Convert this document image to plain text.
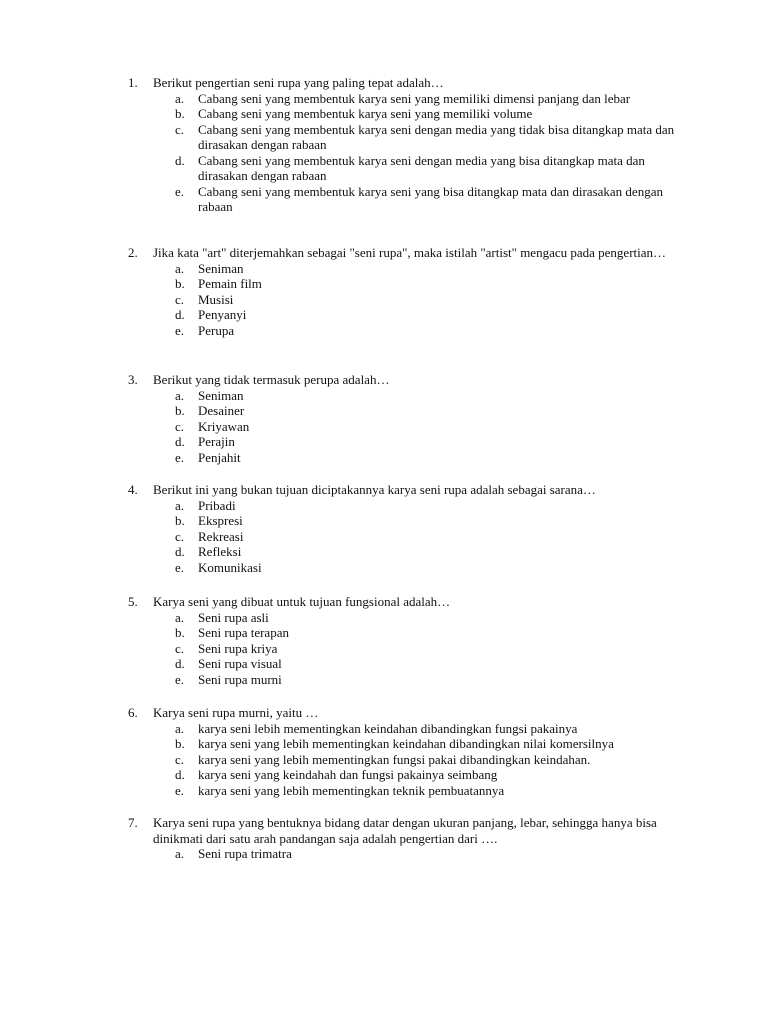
1. Berikut pengertian seni rupa yang paling tepat adalah…
a. Cabang seni yang membentuk karya seni yang memiliki dimensi panjang dan lebar
b. Cabang seni yang membentuk karya seni yang memiliki volume
c. Cabang seni yang membentuk karya seni dengan media yang tidak bisa ditangkap mata dan dirasakan dengan rabaan
d. Cabang seni yang membentuk karya seni dengan media yang bisa ditangkap mata dan dirasakan dengan rabaan
e. Cabang seni yang membentuk karya seni yang bisa ditangkap mata dan dirasakan dengan rabaan
2. Jika kata "art" diterjemahkan sebagai "seni rupa", maka istilah "artist" mengacu pada pengertian…
a. Seniman
b. Pemain film
c. Musisi
d. Penyanyi
e. Perupa
3. Berikut yang tidak termasuk perupa adalah…
a. Seniman
b. Desainer
c. Kriyawan
d. Perajin
e. Penjahit
4. Berikut ini yang bukan tujuan diciptakannya karya seni rupa adalah sebagai sarana…
a. Pribadi
b. Ekspresi
c. Rekreasi
d. Refleksi
e. Komunikasi
5. Karya seni yang dibuat untuk tujuan fungsional adalah…
a. Seni rupa asli
b. Seni rupa terapan
c. Seni rupa kriya
d. Seni rupa visual
e. Seni rupa murni
6. Karya seni rupa murni, yaitu …
a. karya seni lebih mementingkan keindahan dibandingkan fungsi pakainya
b. karya seni yang lebih mementingkan keindahan dibandingkan nilai komersilnya
c. karya seni yang lebih mementingkan fungsi pakai dibandingkan keindahan.
d. karya seni yang keindahah dan fungsi pakainya seimbang
e. karya seni yang lebih mementingkan teknik pembuatannya
7. Karya seni rupa yang bentuknya bidang datar dengan ukuran panjang, lebar, sehingga hanya bisa dinikmati dari satu arah pandangan saja adalah pengertian dari ….
a. Seni rupa trimatra
